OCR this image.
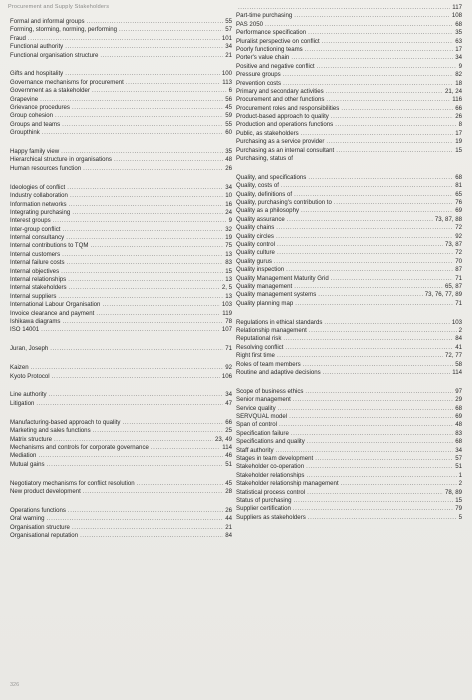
Procurement and Supply Stakeholders
Formal and informal groups .....	55
Forming, storming, norming, performing .....	57
Fraud .....	101
Functional authority .....	34
Functional organisation structure .....	21
Gifts and hospitality .....	100
Governance mechanisms for procurement .....	113
Government as a stakeholder .....	6
Grapevine .....	56
Grievance procedures .....	45
Group cohesion .....	59
Groups and teams .....	55
Groupthink .....	60
Happy family view .....	35
Hierarchical structure in organisations .....	48
Human resources function .....	26
Ideologies of conflict .....	34
Industry collaboration .....	10
Information networks .....	16
Integrating purchasing .....	24
Interest groups .....	9
Inter-group conflict .....	32
Internal consultancy .....	19
Internal contributions to TQM .....	75
Internal customers .....	13
Internal failure costs .....	83
Internal objectives .....	15
Internal relationships .....	13
Internal stakeholders .....	2, 5
Internal suppliers .....	13
International Labour Organisation .....	103
Invoice clearance and payment .....	119
Ishikawa diagrams .....	78
ISO 14001 .....	107
Juran, Joseph .....	71
Kaizen .....	92
Kyoto Protocol .....	106
Line authority .....	34
Litigation .....	47
Manufacturing-based approach to quality .....	66
Marketing and sales functions .....	25
Matrix structure .....	23, 49
Mechanisms and controls for corporate governance .....	114
Mediation .....	46
Mutual gains .....	51
Negotiatory mechanisms for conflict resolution .....	45
New product development .....	28
Operations functions .....	26
Oral warning .....	44
Organisation structure .....	21
Organisational reputation .....	84
.....
117
Part-time purchasing .....	108
PAS 2050 .....	68
Performance specification .....	35
Pluralist perspective on conflict .....	63
Poorly functioning teams .....	17
Porter's value chain .....	34
Positive and negative conflict .....	9
Pressure groups .....	82
Prevention costs .....	18
Primary and secondary activities .....	21, 24
Procurement and other functions .....	116
Procurement roles and responsibilities .....	66
Product-based approach to quality .....	26
Production and operations functions .....	8
Public, as stakeholders .....	17
Purchasing as a service provider .....	19
Purchasing as an internal consultant .....	15
Purchasing, status of
Quality, and specifications .....	68
Quality, costs of .....	81
Quality, definitions of .....	65
Quality, purchasing's contribution to .....	76
Quality as a philosophy .....	69
Quality assurance .....	73, 87, 88
Quality chains .....	72
Quality circles .....	92
Quality control .....	73, 87
Quality culture .....	72
Quality gurus .....	70
Quality inspection .....	87
Quality Management Maturity Grid .....	71
Quality management .....	65, 87
Quality management systems .....	73, 76, 77, 89
Quality planning map .....	71
Regulations in ethical standards .....	103
Relationship management .....	2
Reputational risk .....	84
Resolving conflict .....	41
Right first time .....	72, 77
Roles of team members .....	58
Routine and adaptive decisions .....	114
Scope of business ethics .....	97
Senior management .....	29
Service quality .....	68
SERVQUAL model .....	69
Span of control .....	48
Specification failure .....	83
Specifications and quality .....	68
Staff authority .....	34
Stages in team development .....	57
Stakeholder co-operation .....	51
Stakeholder relationships .....	1
Stakeholder relationship management .....	2
Statistical process control .....	78, 89
Status of purchasing .....	15
Supplier certification .....	79
Suppliers as stakeholders .....	5
326
